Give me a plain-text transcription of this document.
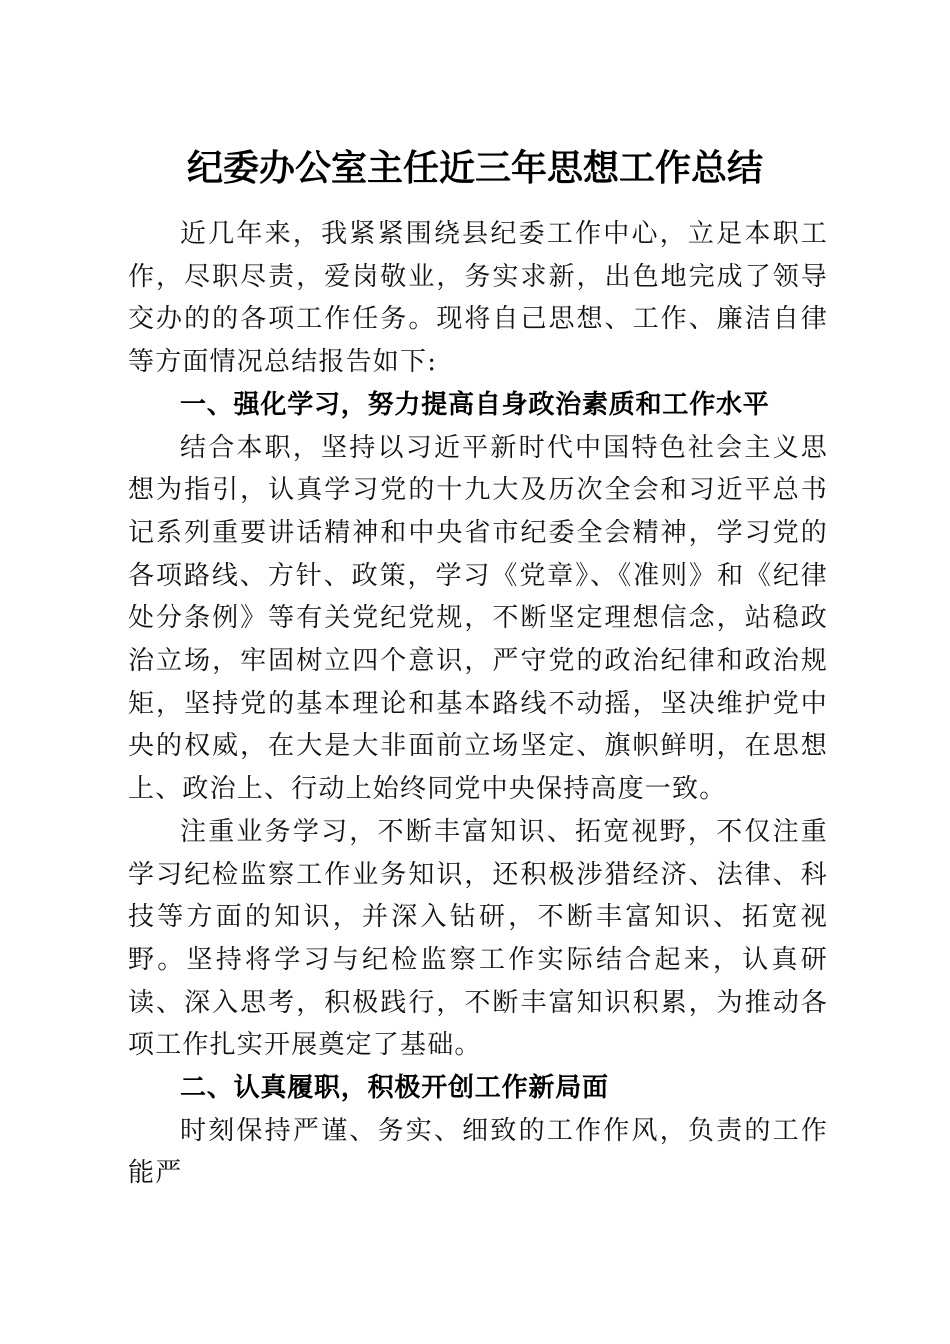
纪委办公室主任近三年思想工作总结

近几年来，我紧紧围绕县纪委工作中心，立足本职工作，尽职尽责，爱岗敬业，务实求新，出色地完成了领导交办的的各项工作任务。现将自己思想、工作、廉洁自律等方面情况总结报告如下:

一、强化学习，努力提高自身政治素质和工作水平

结合本职，坚持以习近平新时代中国特色社会主义思想为指引，认真学习党的十九大及历次全会和习近平总书记系列重要讲话精神和中央省市纪委全会精神，学习党的各项路线、方针、政策，学习《党章》、《准则》和《纪律处分条例》等有关党纪党规，不断坚定理想信念，站稳政治立场，牢固树立四个意识，严守党的政治纪律和政治规矩，坚持党的基本理论和基本路线不动摇，坚决维护党中央的权威，在大是大非面前立场坚定、旗帜鲜明，在思想上、政治上、行动上始终同党中央保持高度一致。

注重业务学习，不断丰富知识、拓宽视野，不仅注重学习纪检监察工作业务知识，还积极涉猎经济、法律、科技等方面的知识，并深入钻研，不断丰富知识、拓宽视野。坚持将学习与纪检监察工作实际结合起来，认真研读、深入思考，积极践行，不断丰富知识积累，为推动各项工作扎实开展奠定了基础。

二、认真履职，积极开创工作新局面

时刻保持严谨、务实、细致的工作作风，负责的工作能严
